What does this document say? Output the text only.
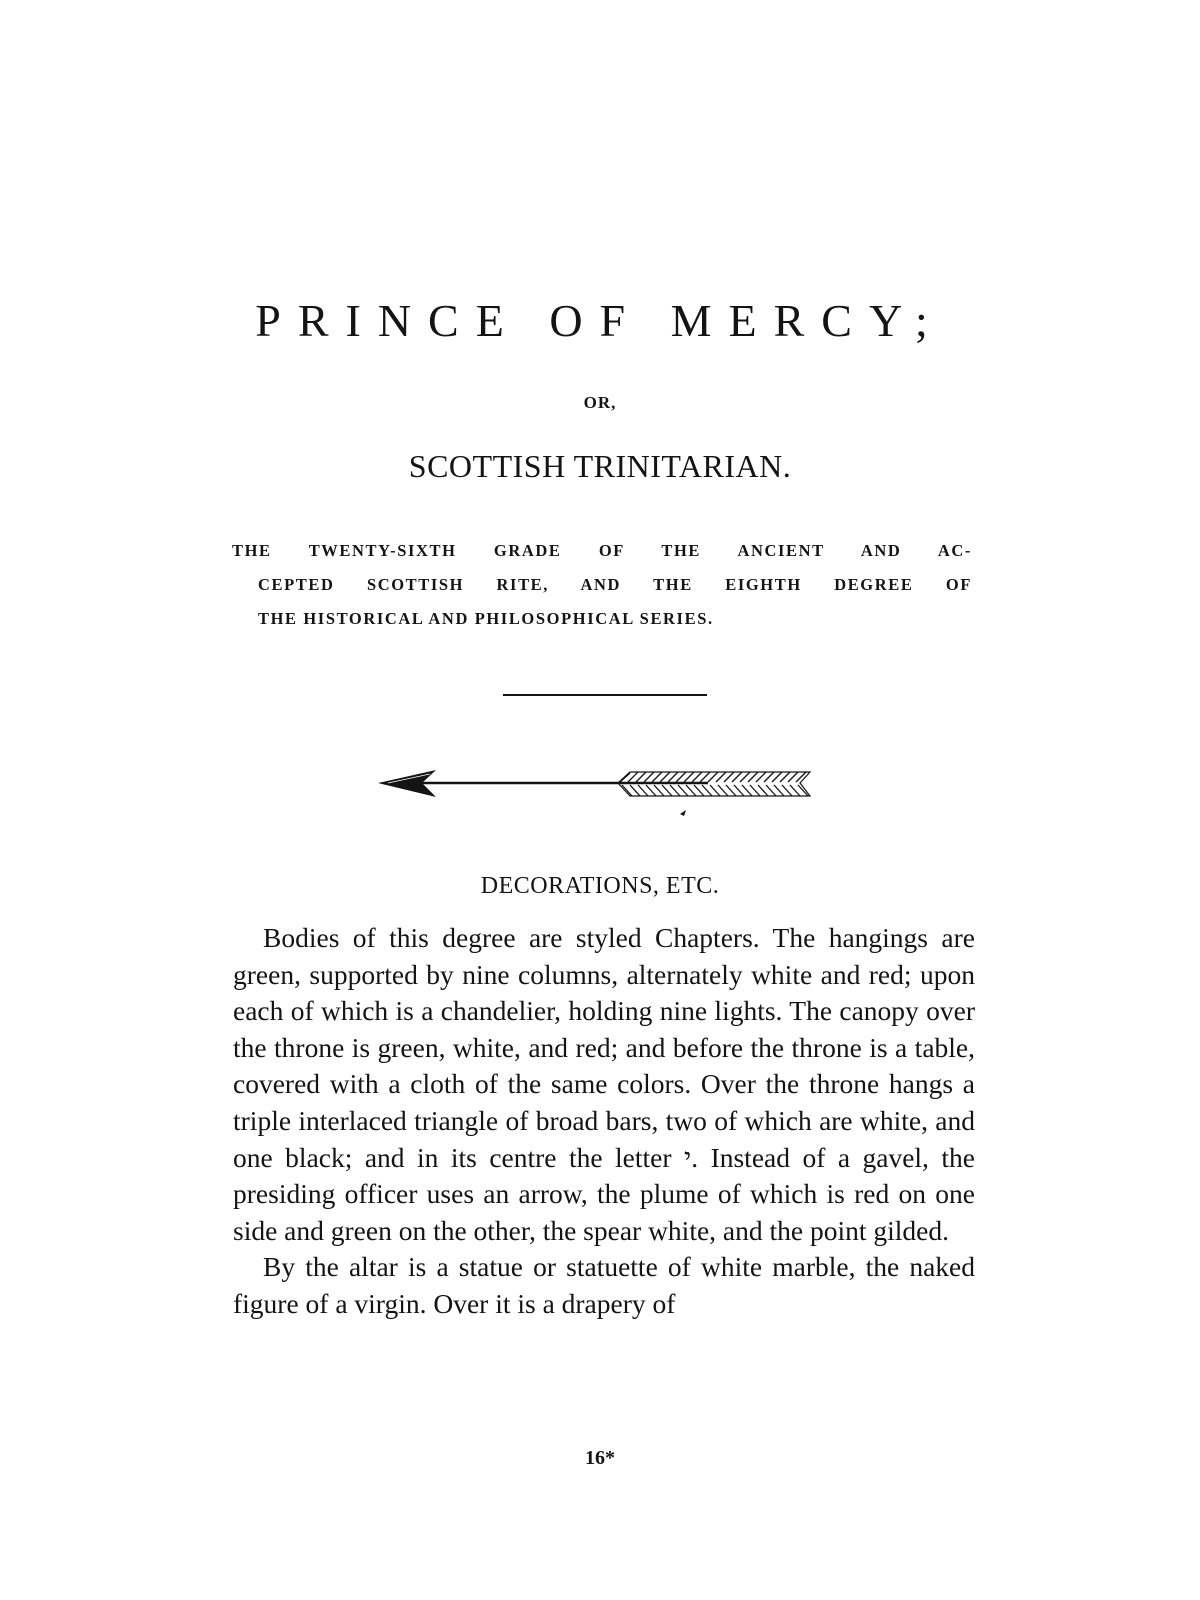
PRINCE OF MERCY;
OR,
SCOTTISH TRINITARIAN.
THE TWENTY-SIXTH GRADE OF THE ANCIENT AND AC-
CEPTED SCOTTISH RITE, AND THE EIGHTH DEGREE OF
THE HISTORICAL AND PHILOSOPHICAL SERIES.
DECORATIONS, ETC.

Bodies of this degree are styled Chapters. The hangings are green, supported by nine columns, alternately white and red; upon each of which is a chandelier, holding nine lights. The canopy over the throne is green, white, and red; and before the throne is a table, covered with a cloth of the same colors. Over the throne hangs a triple interlaced triangle of broad bars, two of which are white, and one black; and in its centre the letter י. Instead of a gavel, the presiding officer uses an arrow, the plume of which is red on one side and green on the other, the spear white, and the point gilded.

By the altar is a statue or statuette of white marble, the naked figure of a virgin. Over it is a drapery of

16*
